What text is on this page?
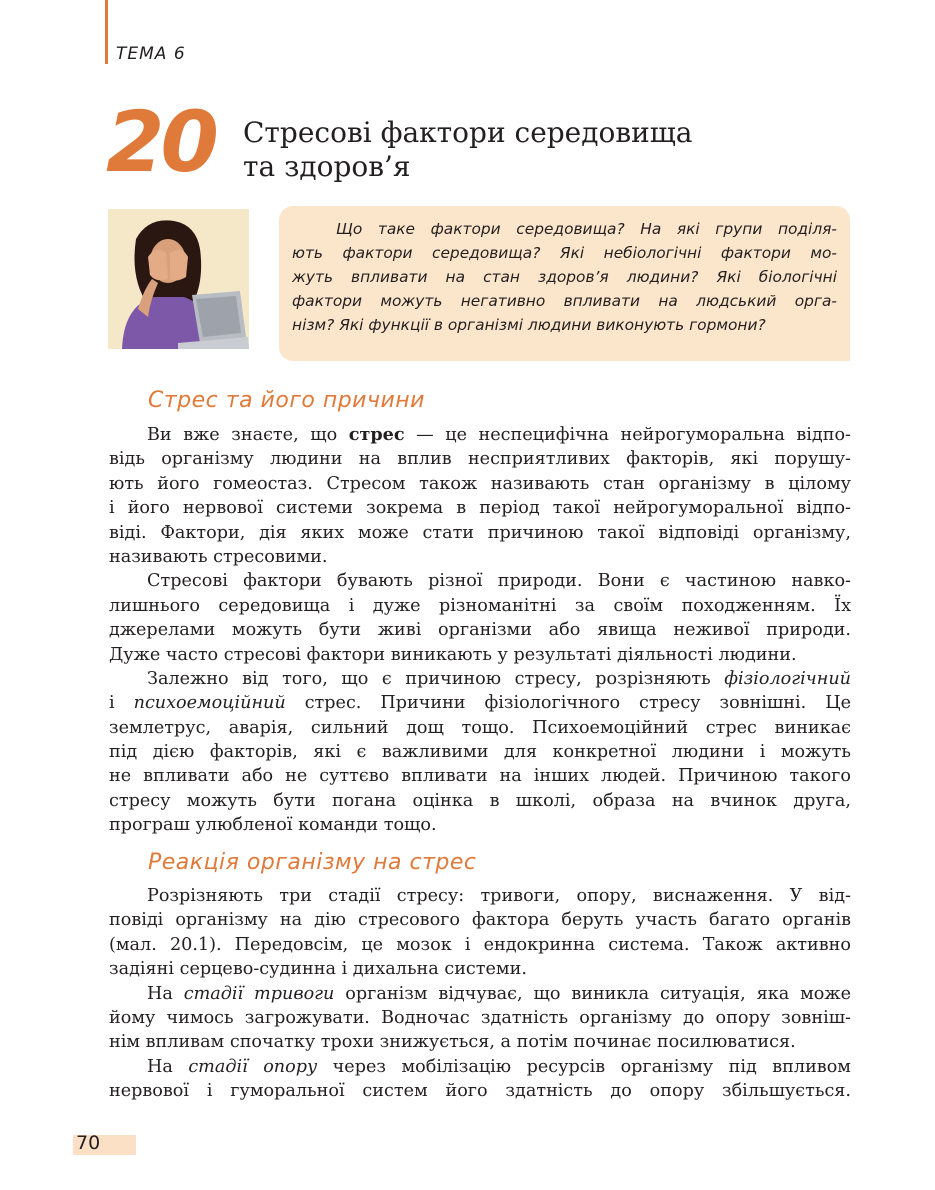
ТЕМА 6
20 Стресові фактори середовища
та здоров’я
Що таке фактори середовища? На які групи поділя-
ють фактори середовища? Які небіологічні фактори мо-
жуть впливати на стан здоров’я людини? Які біологічні
фактори можуть негативно впливати на людський орга-
нізм? Які функції в організмі людини виконують гормони?
Стрес та його причини
Ви вже знаєте, що стрес — це неспецифічна нейрогуморальна відпо-
відь організму людини на вплив несприятливих факторів, які порушу-
ють його гомеостаз. Стресом також називають стан організму в цілому
і його нервової системи зокрема в період такої нейрогуморальної відпо-
віді. Фактори, дія яких може стати причиною такої відповіді організму,
називають стресовими.
Стресові фактори бувають різної природи. Вони є частиною навко-
лишнього середовища і дуже різноманітні за своїм походженням. Їх
джерелами можуть бути живі організми або явища неживої природи.
Дуже часто стресові фактори виникають у результаті діяльності людини.
Залежно від того, що є причиною стресу, розрізняють фізіологічний
і психоемоційний стрес. Причини фізіологічного стресу зовнішні. Це
землетрус, аварія, сильний дощ тощо. Психоемоційний стрес виникає
під дією факторів, які є важливими для конкретної людини і можуть
не впливати або не суттєво впливати на інших людей. Причиною такого
стресу можуть бути погана оцінка в школі, образа на вчинок друга,
програш улюбленої команди тощо.
Реакція організму на стрес
Розрізняють три стадії стресу: тривоги, опору, виснаження. У від-
повіді організму на дію стресового фактора беруть участь багато органів
(мал. 20.1). Передовсім, це мозок і ендокринна система. Також активно
задіяні серцево-судинна і дихальна системи.
На стадії тривоги організм відчуває, що виникла ситуація, яка може
йому чимось загрожувати. Водночас здатність організму до опору зовніш-
нім впливам спочатку трохи знижується, а потім починає посилюватися.
На стадії опору через мобілізацію ресурсів організму під впливом
нервової і гуморальної систем його здатність до опору збільшується.
70
